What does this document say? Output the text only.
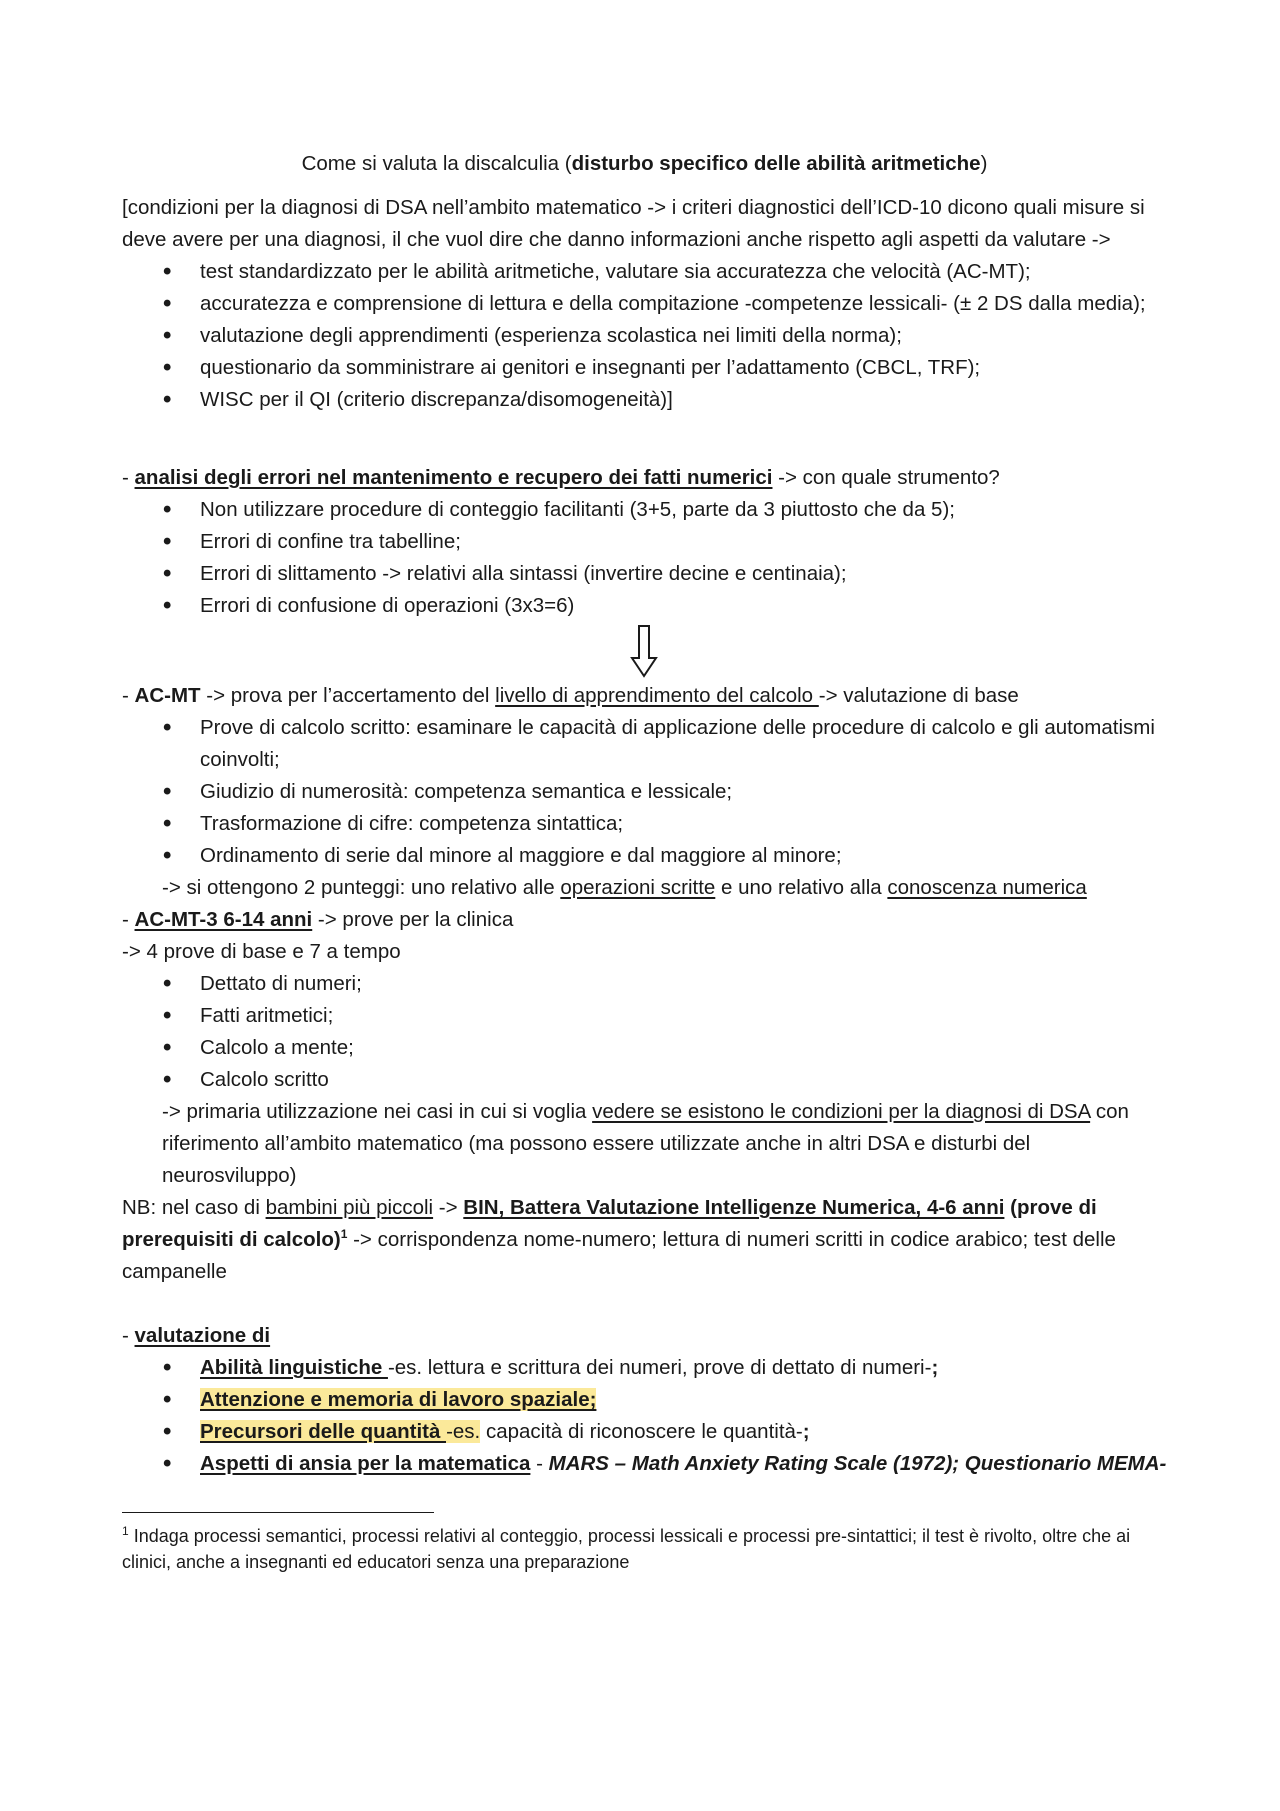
Come si valuta la discalculia (disturbo specifico delle abilità aritmetiche)

[condizioni per la diagnosi di DSA nell’ambito matematico -> i criteri diagnostici dell’ICD-10 dicono quali misure si deve avere per una diagnosi, il che vuol dire che danno informazioni anche rispetto agli aspetti da valutare ->

• test standardizzato per le abilità aritmetiche, valutare sia accuratezza che velocità (AC-MT);
• accuratezza e comprensione di lettura e della compitazione -competenze lessicali- (± 2 DS dalla media);
• valutazione degli apprendimenti (esperienza scolastica nei limiti della norma);
• questionario da somministrare ai genitori e insegnanti per l’adattamento (CBCL, TRF);
• WISC per il QI (criterio discrepanza/disomogeneità)]

- analisi degli errori nel mantenimento e recupero dei fatti numerici -> con quale strumento?

• Non utilizzare procedure di conteggio facilitanti (3+5, parte da 3 piuttosto che da 5);
• Errori di confine tra tabelline;
• Errori di slittamento -> relativi alla sintassi (invertire decine e centinaia);
• Errori di confusione di operazioni (3x3=6)

- AC-MT -> prova per l’accertamento del livello di apprendimento del calcolo -> valutazione di base

• Prove di calcolo scritto: esaminare le capacità di applicazione delle procedure di calcolo e gli automatismi coinvolti;
• Giudizio di numerosità: competenza semantica e lessicale;
• Trasformazione di cifre: competenza sintattica;
• Ordinamento di serie dal minore al maggiore e dal maggiore al minore;

-> si ottengono 2 punteggi: uno relativo alle operazioni scritte e uno relativo alla conoscenza numerica

- AC-MT-3 6-14 anni -> prove per la clinica

-> 4 prove di base e 7 a tempo

• Dettato di numeri;
• Fatti aritmetici;
• Calcolo a mente;
• Calcolo scritto

-> primaria utilizzazione nei casi in cui si voglia vedere se esistono le condizioni per la diagnosi di DSA con riferimento all’ambito matematico (ma possono essere utilizzate anche in altri DSA e disturbi del neurosviluppo)

NB: nel caso di bambini più piccoli -> BIN, Battera Valutazione Intelligenze Numerica, 4-6 anni (prove di prerequisiti di calcolo)$^1$ -> corrispondenza nome-numero; lettura di numeri scritti in codice arabico; test delle campanelle

- valutazione di

• Abilità linguistiche -es. lettura e scrittura dei numeri, prove di dettato di numeri-;
• Attenzione e memoria di lavoro spaziale;
• Precursori delle quantità -es. capacità di riconoscere le quantità-;
• Aspetti di ansia per la matematica - MARS – Math Anxiety Rating Scale (1972); Questionario MEMA-

$^1$ Indaga processi semantici, processi relativi al conteggio, processi lessicali e processi pre-sintattici; il test è rivolto, oltre che ai clinici, anche a insegnanti ed educatori senza una preparazione
